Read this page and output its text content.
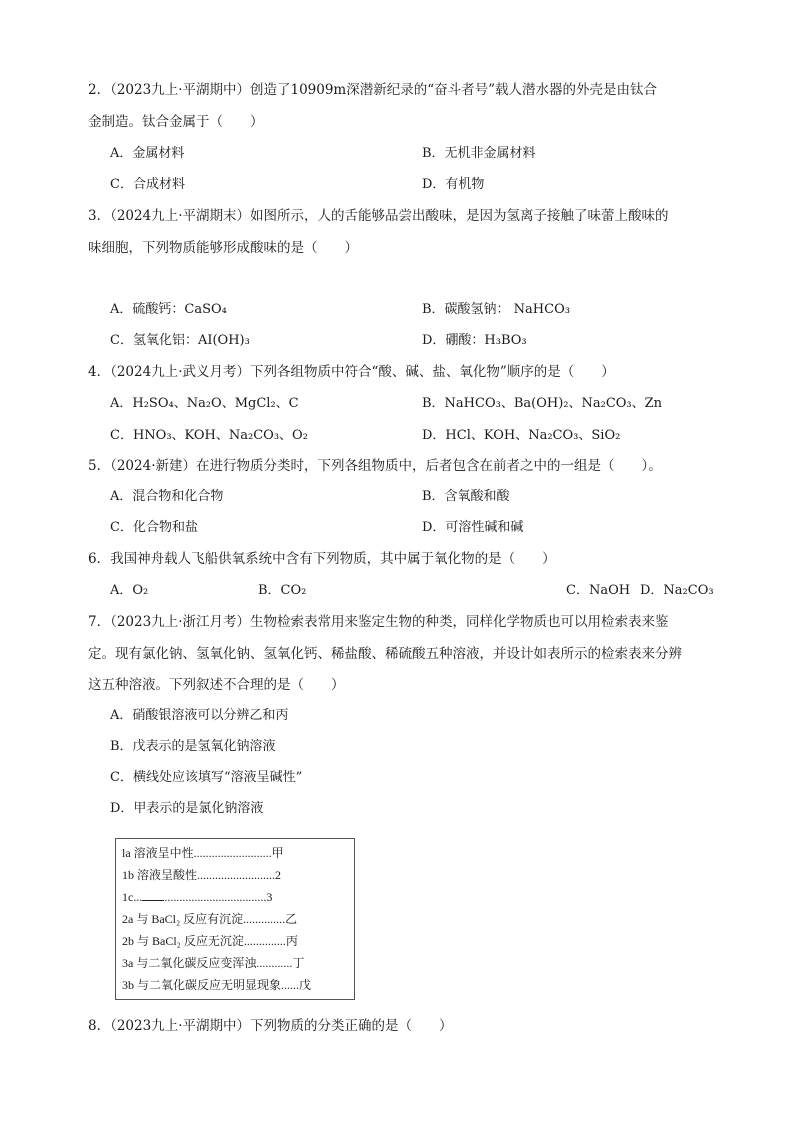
2．（2023九上·平湖期中）创造了10909m深潜新纪录的“奋斗者号”载人潜水器的外壳是由钛合
金制造。钛合金属于（　　）
A．金属材料	B．无机非金属材料
C．合成材料	D．有机物
3．（2024九上·平湖期末）如图所示，人的舌能够品尝出酸味，是因为氢离子接触了味蕾上酸味的
味细胞，下列物质能够形成酸味的是（　　）
A．硫酸钙：CaSO₄	B．碳酸氢钠： NaHCO₃
C．氢氧化铝：AI(OH)₃	D．硼酸：H₃BO₃
4．（2024九上·武义月考）下列各组物质中符合“酸、碱、盐、氧化物”顺序的是（　　）
A．H₂SO₄、Na₂O、MgCl₂、C	B．NaHCO₃、Ba(OH)₂、Na₂CO₃、Zn
C．HNO₃、KOH、Na₂CO₃、O₂	D．HCl、KOH、Na₂CO₃、SiO₂
5．（2024·新建）在进行物质分类时，下列各组物质中，后者包含在前者之中的一组是（　　）。
A．混合物和化合物	B．含氧酸和酸
C．化合物和盐	D．可溶性碱和碱
6．我国神舟载人飞船供氧系统中含有下列物质，其中属于氧化物的是（　　）
A．O₂	B．CO₂	C．NaOH D．Na₂CO₃
7．（2023九上·浙江月考）生物检索表常用来鉴定生物的种类，同样化学物质也可以用检索表来鉴
定。现有氯化钠、氢氧化钠、氢氧化钙、稀盐酸、稀硫酸五种溶液，并设计如表所示的检索表来分辨
这五种溶液。下列叙述不合理的是（　　）
A．硝酸银溶液可以分辨乙和丙
B．戊表示的是氢氧化钠溶液
C．横线处应该填写“溶液呈碱性”
D．甲表示的是氯化钠溶液
la 溶液呈中性..........................甲
1b 溶液呈酸性..........................2
1c... ..................................3
2a 与 BaCl₂ 反应有沉淀..............乙
2b 与 BaCl₂ 反应无沉淀..............丙
3a 与二氧化碳反应变浑浊............丁
3b 与二氧化碳反应无明显现象......戊
8．（2023九上·平湖期中）下列物质的分类正确的是（　　）
